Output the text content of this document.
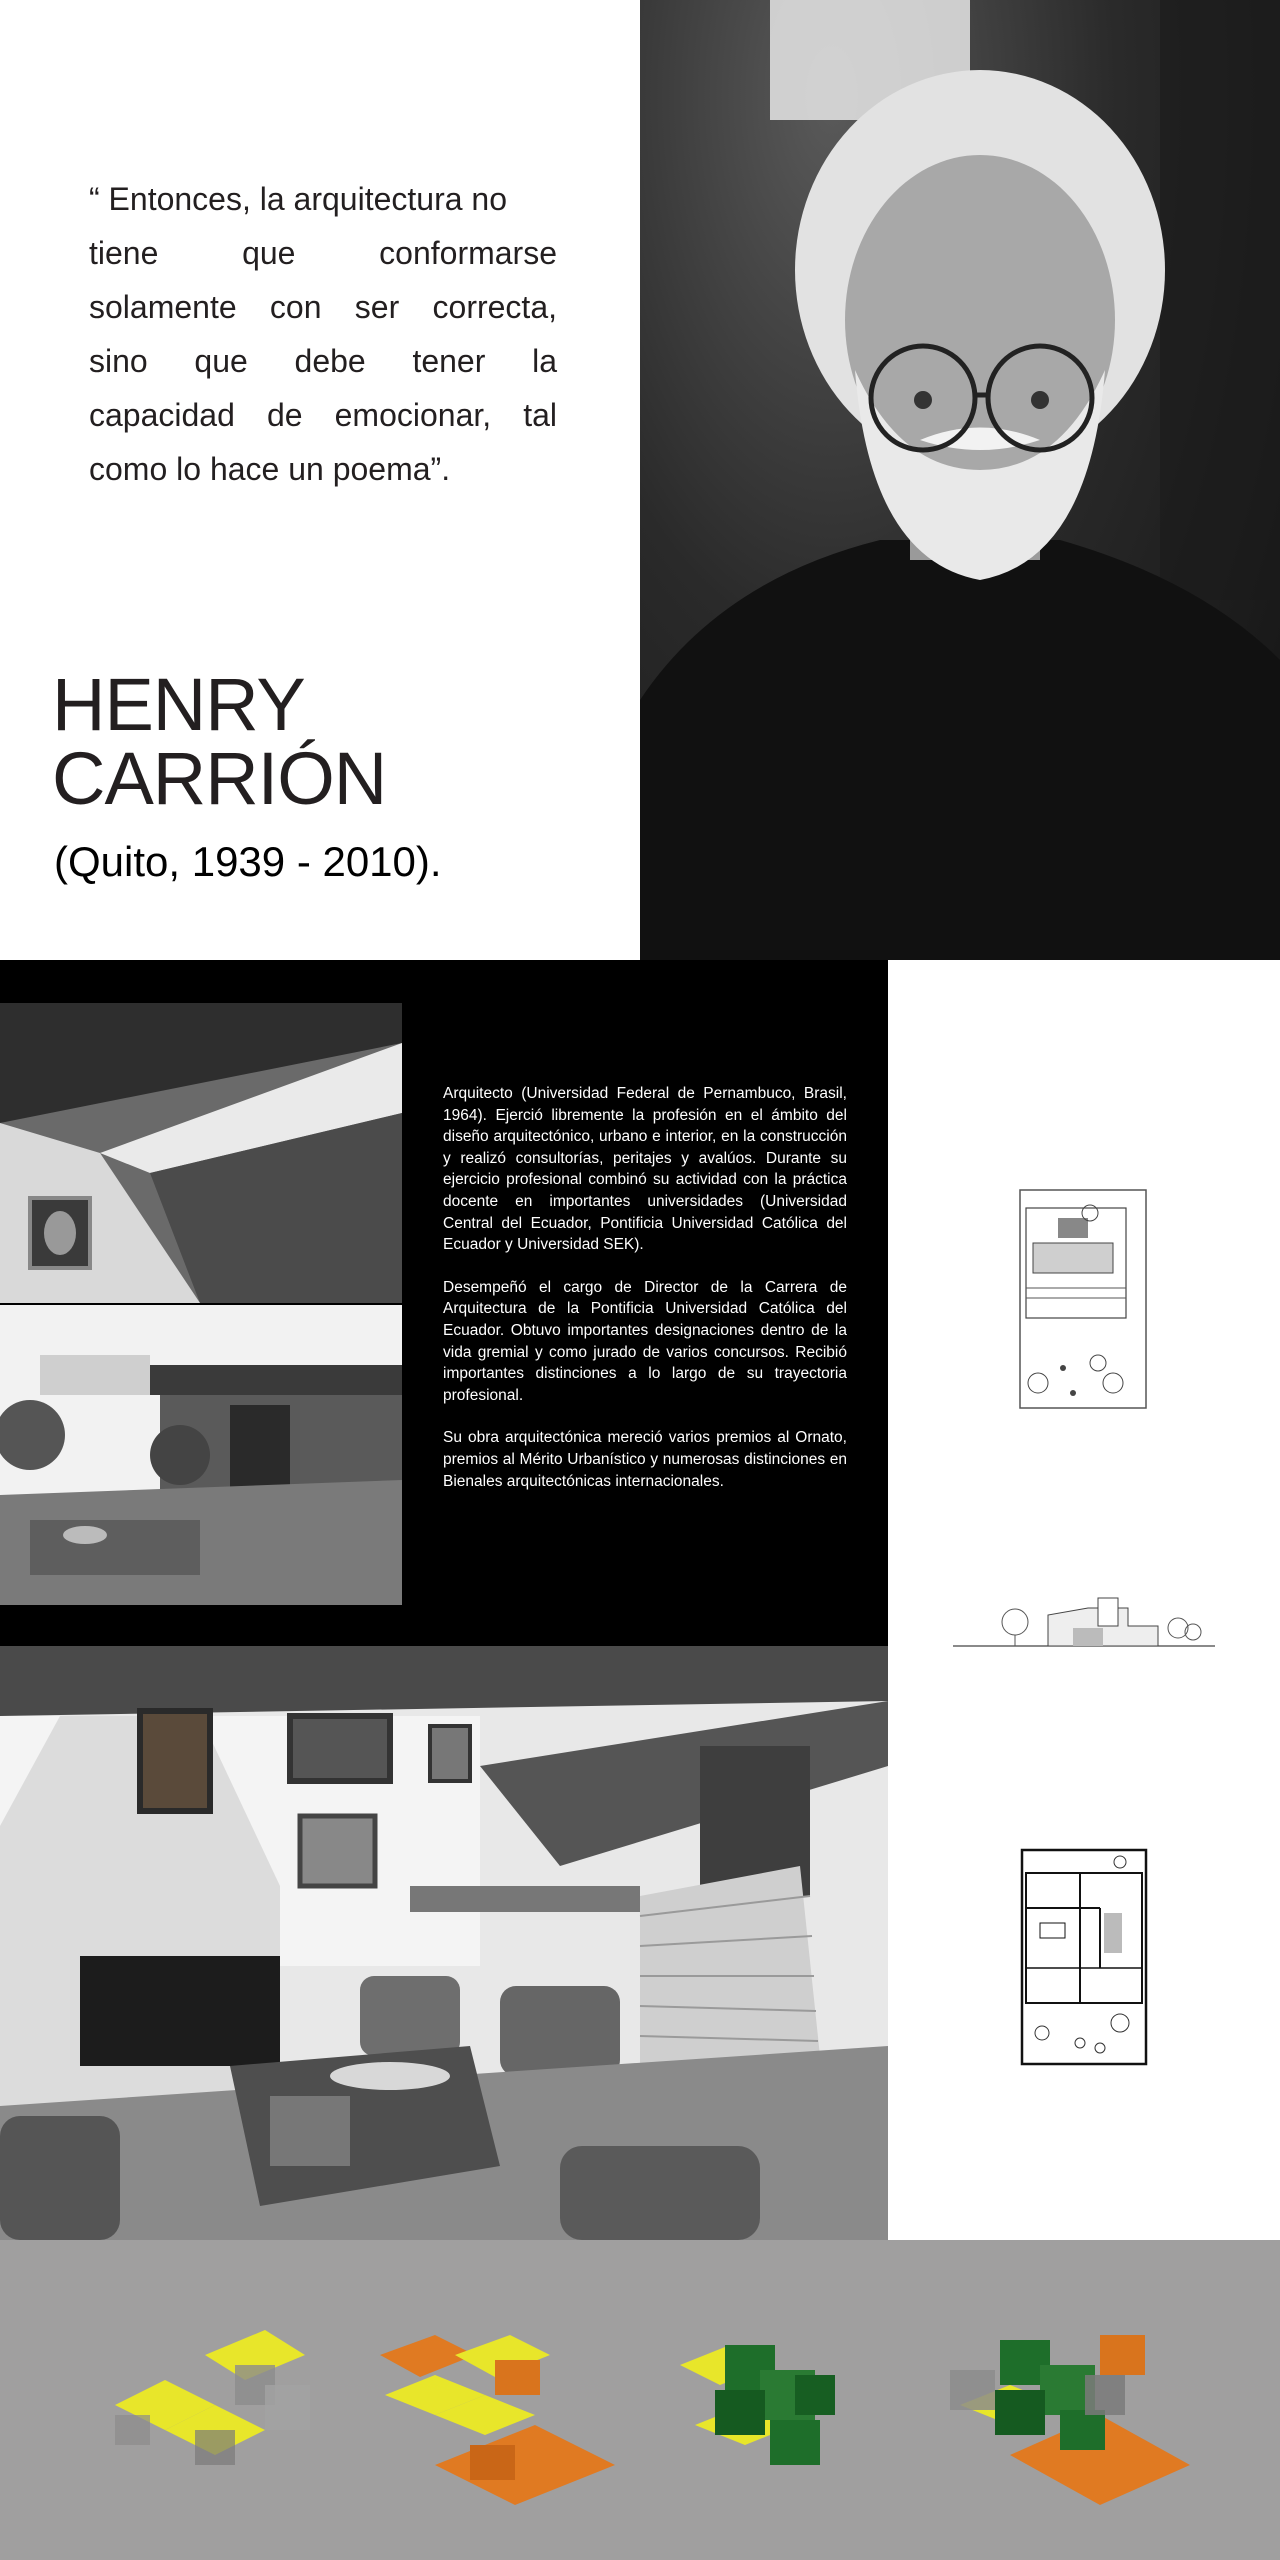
“ Entonces, la arquitectura no
tiene	que	conformarse
solamente con ser correcta,
sino que debe tener la
capacidad de emocionar, tal
como lo hace un poema”.
HENRY
CARRIÓN
(Quito, 1939 - 2010).

Arquitecto (Universidad Federal de Pernambuco, Brasil, 1964). Ejerció libremente la profesión en el ámbito del diseño arquitectónico, urbano e interior, en la construcción y realizó consultorías, peritajes y avalúos. Durante su ejercicio profesional combinó su actividad con la práctica docente en importantes universidades (Universidad Central del Ecuador, Pontificia Universidad Católica del Ecuador y Universidad SEK).

Desempeñó el cargo de Director de la Carrera de Arquitectura de la Pontificia Universidad Católica del Ecuador. Obtuvo importantes designaciones dentro de la vida gremial y como jurado de varios concursos. Recibió importantes distinciones a lo largo de su trayectoria profesional.

Su obra arquitectónica mereció varios premios al Ornato, premios al Mérito Urbanístico y numerosas distinciones en Bienales arquitectónicas internacionales.
